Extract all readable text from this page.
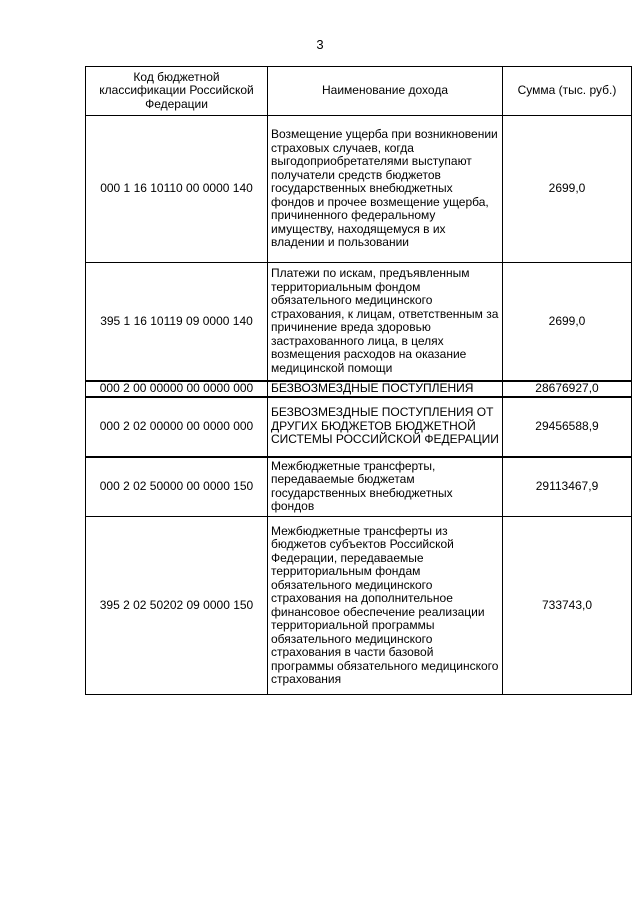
3
Код бюджетной классификации Российской Федерации	Наименование дохода	Сумма (тыс. руб.)
000 1 16 10110 00 0000 140	Возмещение ущерба при возникновении страховых случаев, когда выгодоприобретателями выступают получатели средств бюджетов государственных внебюджетных фондов и прочее возмещение ущерба, причиненного федеральному имуществу, находящемуся в их владении и пользовании	2699,0
395 1 16 10119 09 0000 140	Платежи по искам, предъявленным территориальным фондом обязательного медицинского страхования, к лицам, ответственным за причинение вреда здоровью застрахованного лица, в целях возмещения расходов на оказание медицинской помощи	2699,0
000 2 00 00000 00 0000 000	БЕЗВОЗМЕЗДНЫЕ ПОСТУПЛЕНИЯ	28676927,0
000 2 02 00000 00 0000 000	БЕЗВОЗМЕЗДНЫЕ ПОСТУПЛЕНИЯ ОТ ДРУГИХ БЮДЖЕТОВ БЮДЖЕТНОЙ СИСТЕМЫ РОССИЙСКОЙ ФЕДЕРАЦИИ	29456588,9
000 2 02 50000 00 0000 150	Межбюджетные трансферты, передаваемые бюджетам государственных внебюджетных фондов	29113467,9
395 2 02 50202 09 0000 150	Межбюджетные трансферты из бюджетов субъектов Российской Федерации, передаваемые территориальным фондам обязательного медицинского страхования на дополнительное финансовое обеспечение реализации территориальной программы обязательного медицинского страхования в части базовой программы обязательного медицинского страхования	733743,0
